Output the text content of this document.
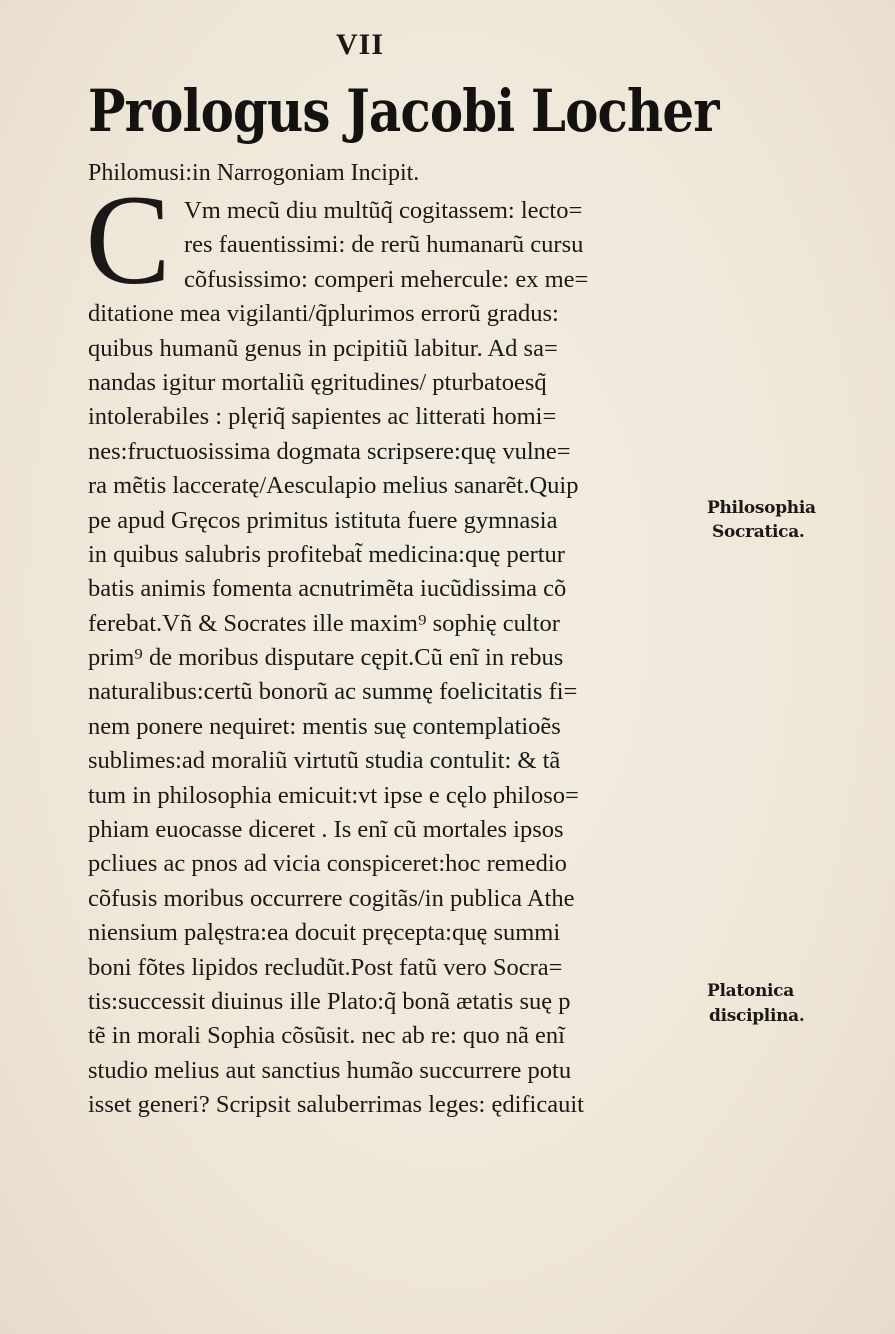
VII
Prologus Jacobi Locher
Philomusi:in Narrogoniam Incipit.
C Vm mecũ diu multũq̃ cogitassem: lecto=
res fauentissimi: de rerũ humanarũ cursu
cõfusissimo: comperi mehercule: ex me=
ditatione mea vigilanti/q̃plurimos errorũ gradus:
quibus humanũ genus in pcipitiũ labitur. Ad sa=
nandas igitur mortaliũ ęgritudines/ pturbatoesq̃
intolerabiles : plęriq̃ sapientes ac litterati homi=
nes:fructuosissima dogmata scripsere:quę vulne=
ra mẽtis lacceratę/Aesculapio melius sanarẽt.Quip
pe apud Gręcos primitus istituta fuere gymnasia
in quibus salubris profitebat̃ medicina:quę pertur
batis animis fomenta acnutrimẽta iucũdissima cõ
ferebat.Vñ & Socrates ille maxim⁹ sophię cultor
prim⁹ de moribus disputare cępit.Cũ enĩ in rebus
naturalibus:certũ bonorũ ac summę foelicitatis fi=
nem ponere nequiret: mentis suę contemplatioẽs
sublimes:ad moraliũ virtutũ studia contulit: & tã
tum in philosophia emicuit:vt ipse e cęlo philoso=
phiam euocasse diceret . Is enĩ cũ mortales ipsos
pcliues ac pnos ad vicia conspiceret:hoc remedio
cõfusis moribus occurrere cogitãs/in publica Athe
niensium palęstra:ea docuit pręcepta:quę summi
boni fõtes lipidos recludũt.Post fatũ vero Socra=
tis:successit diuinus ille Plato:q̃ bonã ætatis suę p
tẽ in morali Sophia cõsũsit. nec ab re: quo nã enĩ
studio melius aut sanctius humão succurrere potu
isset generi? Scripsit saluberrimas leges: ędificauit
Philosophia
Socratica.
Platonica
disciplina.
